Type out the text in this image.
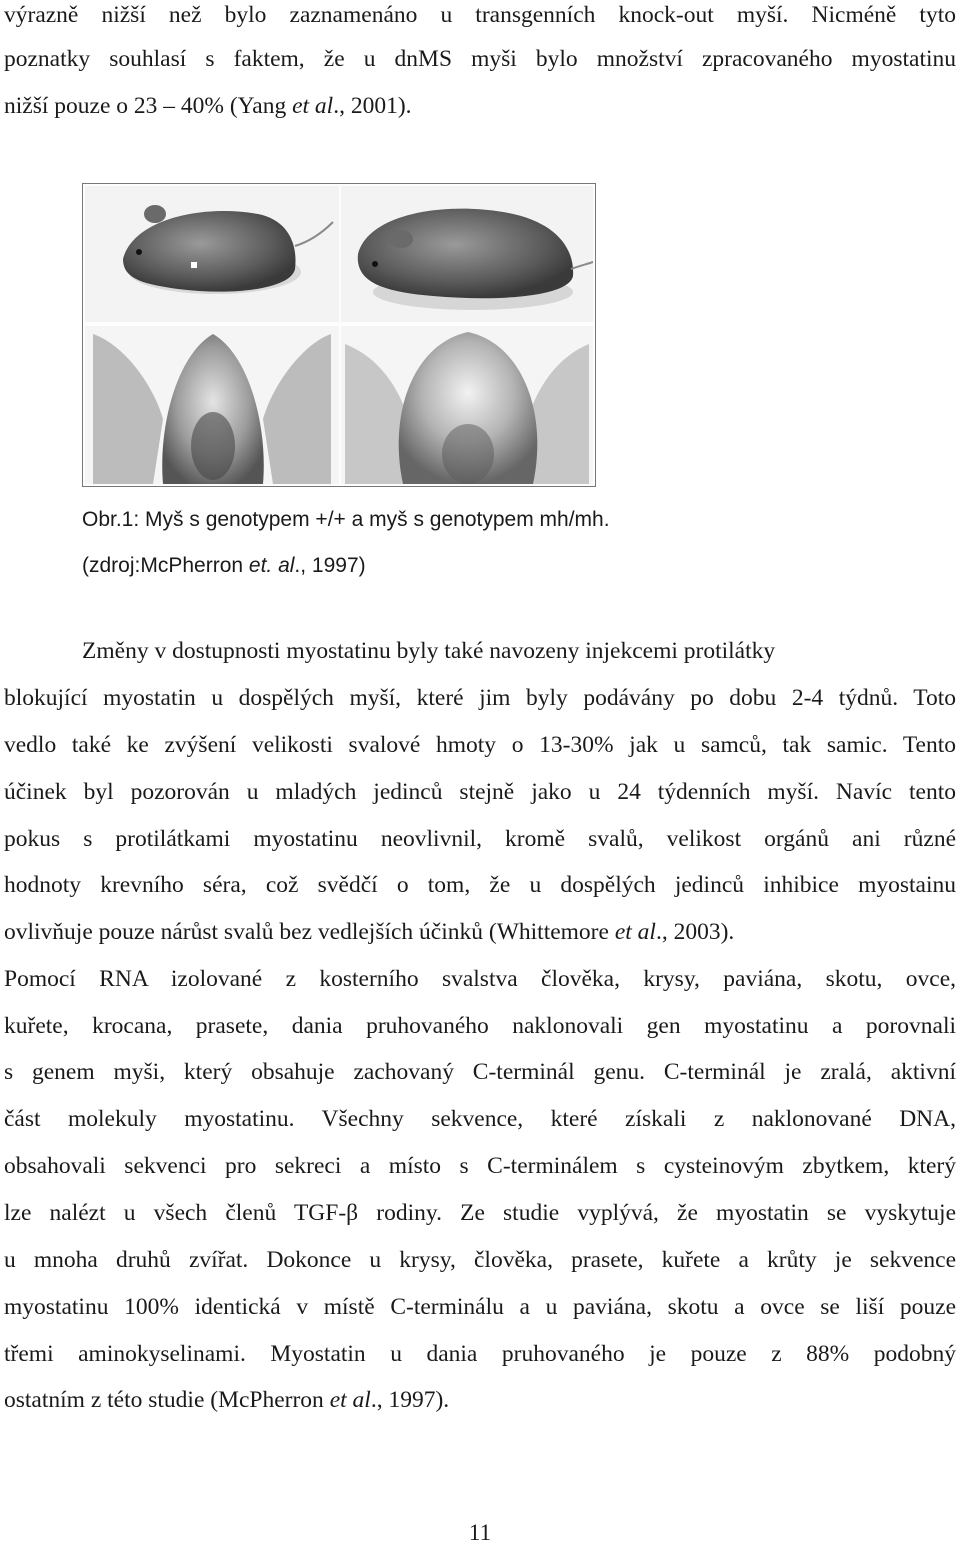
výrazně nižší než bylo zaznamenáno u transgenních knock-out myší. Nicméně tyto
poznatky souhlasí s faktem, že u dnMS myši bylo množství zpracovaného myostatinu
nižší pouze o 23 – 40% (Yang et al., 2001).
Obr.1: Myš s genotypem +/+ a myš s genotypem mh/mh.
(zdroj:McPherron et. al., 1997)
Změny v dostupnosti myostatinu byly také navozeny injekcemi protilátky
blokující myostatin u dospělých myší, které jim byly podávány po dobu 2-4 týdnů. Toto
vedlo také ke zvýšení velikosti svalové hmoty o 13-30% jak u samců, tak samic. Tento
účinek byl pozorován u mladých jedinců stejně jako u 24 týdenních myší. Navíc tento
pokus s protilátkami myostatinu neovlivnil, kromě svalů, velikost orgánů ani různé
hodnoty krevního séra, což svědčí o tom, že u dospělých jedinců inhibice myostainu
ovlivňuje pouze nárůst svalů bez vedlejších účinků (Whittemore et al., 2003).
Pomocí RNA izolované z kosterního svalstva člověka, krysy, paviána, skotu, ovce,
kuřete, krocana, prasete, dania pruhovaného naklonovali gen myostatinu a porovnali
s genem myši, který obsahuje zachovaný C-terminál genu. C-terminál je zralá, aktivní
část molekuly myostatinu. Všechny sekvence, které získali z naklonované DNA,
obsahovali sekvenci pro sekreci a místo s C-terminálem s cysteinovým zbytkem, který
lze nalézt u všech členů TGF-β rodiny. Ze studie vyplývá, že myostatin se vyskytuje
u mnoha druhů zvířat. Dokonce u krysy, člověka, prasete, kuřete a krůty je sekvence
myostatinu 100% identická v místě C-terminálu a u paviána, skotu a ovce se liší pouze
třemi aminokyselinami. Myostatin u dania pruhovaného je pouze z 88% podobný
ostatním z této studie (McPherron et al., 1997).
11
